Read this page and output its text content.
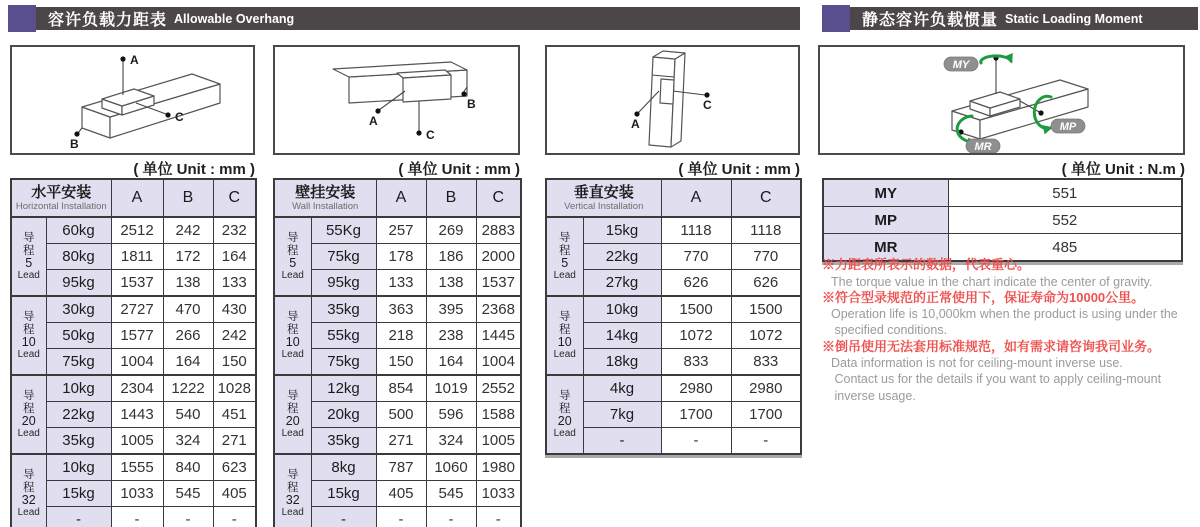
容许负载力距表 Allowable Overhang	静态容许负载惯量 Static Loading Moment
A
B
C	A
B
C
A
C
MY
MP
MR
( 单位 Unit : mm )	( 单位 Unit : mm )	( 单位 Unit : mm )	( 单位 Unit : N.m )
水平安装
Horizontal Installation		A	B	C

导
程
5
Lead	60kg	2512	242	232
	80kg	1811	172	164
	95kg	1537	138	133

导
程
10
Lead	30kg	2727	470	430
	50kg	1577	266	242
	75kg	1004	164	150

导
程
20
Lead	10kg	2304	1222	1028
	22kg	1443	540	451
	35kg	1005	324	271

导
程
32
Lead	10kg	1555	840	623
	15kg	1033	545	405
	-	-	-	-
壁挂安装
Wall Installation		A	B	C

导
程
5
Lead	55Kg	257	269	2883
	75kg	178	186	2000
	95kg	133	138	1537

导
程
10
Lead	35kg	363	395	2368
	55kg	218	238	1445
	75kg	150	164	1004

导
程
20
Lead	12kg	854	1019	2552
	20kg	500	596	1588
	35kg	271	324	1005

导
程
32
Lead	8kg	787	1060	1980
	15kg	405	545	1033
	-	-	-	-
垂直安装
Vertical Installation		A	C

导
程
5
Lead	15kg	1118	1118
	22kg	770	770
	27kg	626	626

导
程
10
Lead	10kg	1500	1500
	14kg	1072	1072
	18kg	833	833

导
程
20
Lead	4kg	2980	2980
	7kg	1700	1700
	-	-	-
MY	551
MP	552
MR	485
※力距表所表示的数据，代表重心。
The torque value in the chart indicate the center of gravity.
※符合型录规范的正常使用下，保证寿命为10000公里。
Operation life is 10,000km when the product is using under the
specified conditions.
※倒吊使用无法套用标准规范，如有需求请咨询我司业务。
Data information is not for ceiling-mount inverse use.
Contact us for the details if you want to apply ceiling-mount
inverse usage.
